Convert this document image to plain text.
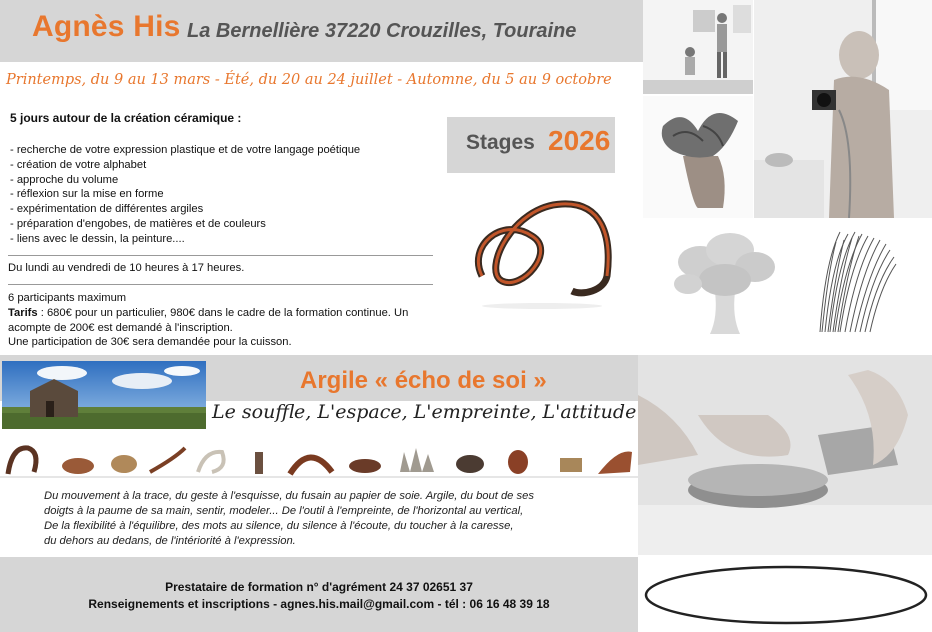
Agnès His La Bernellière 37220 Crouzilles, Touraine
Printemps, du 9 au 13 mars - Été, du 20 au 24 juillet - Automne, du 5 au 9 octobre
5 jours autour de la création céramique :
- recherche de votre expression plastique et de votre langage poétique
- création de votre alphabet
- approche du volume
- réflexion sur la mise en forme
- expérimentation de différentes argiles
- préparation d'engobes, de matières et de couleurs
- liens avec le dessin, la peinture....
Du lundi au vendredi de 10 heures à 17 heures.
6 participants maximum
Tarifs : 680€ pour un particulier, 980€ dans le cadre de la formation continue. Un acompte de 200€ est demandé à l'inscription.
Une participation de 30€ sera demandée pour la cuisson.
Stages 2026
Argile « écho de soi »
Le souffle, L'espace, L'empreinte, L'attitude
Du mouvement à la trace, du geste à l'esquisse, du fusain au papier de soie. Argile, du bout de ses
doigts à la paume de sa main, sentir, modeler... De l'outil à l'empreinte, de l'horizontal au vertical,
De la flexibilité à l'équilibre, des mots au silence, du silence à l'écoute, du toucher à la caresse,
du dehors au dedans, de l'intériorité à l'expression.
Prestataire de formation n° d'agrément 24 37 02651 37
Renseignements et inscriptions - agnes.his.mail@gmail.com - tél : 06 16 48 39 18
